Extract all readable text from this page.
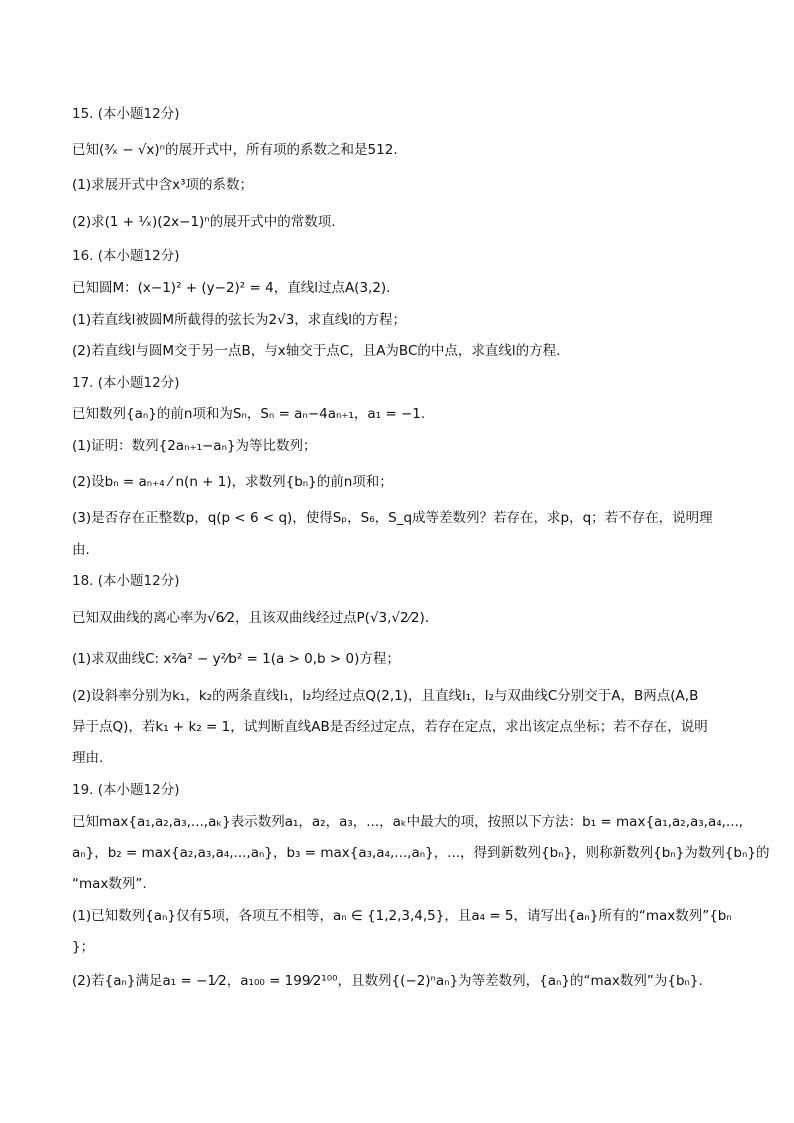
15. (本小题12分)
已知(³⁄ₓ − √x)ⁿ的展开式中，所有项的系数之和是512.
(1)求展开式中含x³项的系数；
(2)求(1 + ¹⁄ₓ)(2x−1)ⁿ的展开式中的常数项.
16. (本小题12分)
已知圆M：(x−1)² + (y−2)² = 4，直线l过点A(3,2).
(1)若直线l被圆M所截得的弦长为2√3，求直线l的方程；
(2)若直线l与圆M交于另一点B，与x轴交于点C，且A为BC的中点，求直线l的方程.
17. (本小题12分)
已知数列{aₙ}的前n项和为Sₙ，Sₙ = aₙ−4aₙ₊₁，a₁ = −1.
(1)证明：数列{2aₙ₊₁−aₙ}为等比数列；
(2)设bₙ = aₙ₊₄ ⁄ n(n + 1)，求数列{bₙ}的前n项和；
(3)是否存在正整数p，q(p < 6 < q)，使得Sₚ，S₆，S_q成等差数列？若存在，求p，q；若不存在，说明理
由.
18. (本小题12分)
已知双曲线的离心率为√6⁄2，且该双曲线经过点P(√3,√2⁄2).
(1)求双曲线C: x²⁄a² − y²⁄b² = 1(a > 0,b > 0)方程；
(2)设斜率分别为k₁，k₂的两条直线l₁，l₂均经过点Q(2,1)，且直线l₁，l₂与双曲线C分别交于A，B两点(A,B
异于点Q)，若k₁ + k₂ = 1，试判断直线AB是否经过定点，若存在定点，求出该定点坐标；若不存在，说明
理由.
19. (本小题12分)
已知max{a₁,a₂,a₃,...,aₖ}表示数列a₁，a₂，a₃，...，aₖ中最大的项，按照以下方法：b₁ = max{a₁,a₂,a₃,a₄,...,
aₙ}，b₂ = max{a₂,a₃,a₄,...,aₙ}，b₃ = max{a₃,a₄,...,aₙ}，...，得到新数列{bₙ}，则称新数列{bₙ}为数列{bₙ}的
“max数列”.
(1)已知数列{aₙ}仅有5项，各项互不相等，aₙ ∈ {1,2,3,4,5}，且a₄ = 5，请写出{aₙ}所有的“max数列”{bₙ
}；
(2)若{aₙ}满足a₁ = −1⁄2，a₁₀₀ = 199⁄2¹⁰⁰，且数列{(−2)ⁿaₙ}为等差数列，{aₙ}的“max数列”为{bₙ}.
